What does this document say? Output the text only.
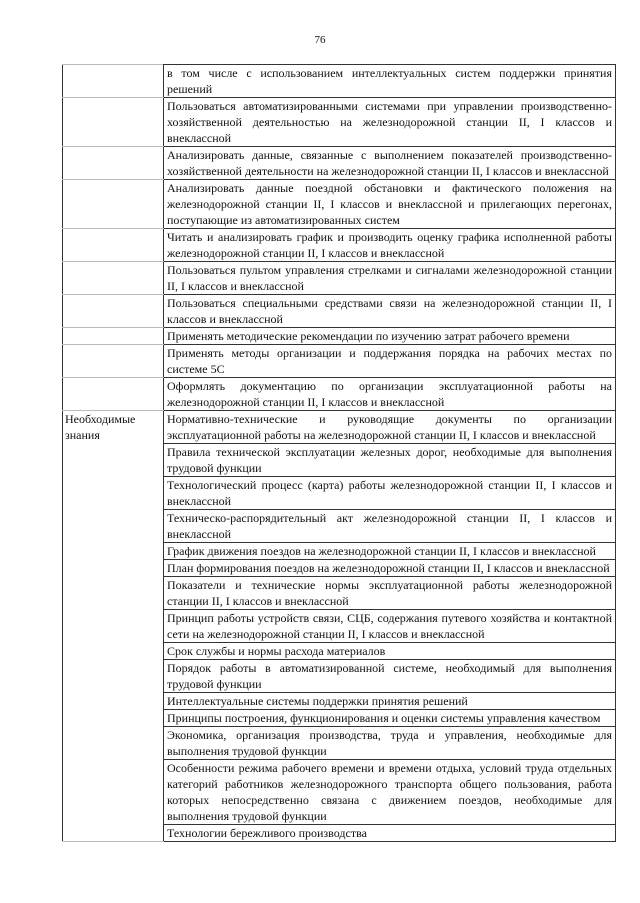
76
	в том числе с использованием интеллектуальных систем поддержки принятия решений
	Пользоваться автоматизированными системами при управлении производственно-хозяйственной деятельностью на железнодорожной станции II, I классов и внеклассной
	Анализировать данные, связанные с выполнением показателей производственно-хозяйственной деятельности на железнодорожной станции II, I классов и внеклассной
	Анализировать данные поездной обстановки и фактического положения на железнодорожной станции II, I классов и внеклассной и прилегающих перегонах, поступающие из автоматизированных систем
	Читать и анализировать график и производить оценку графика исполненной работы железнодорожной станции II, I классов и внеклассной
	Пользоваться пультом управления стрелками и сигналами железнодорожной станции II, I классов и внеклассной
	Пользоваться специальными средствами связи на железнодорожной станции II, I классов и внеклассной
	Применять методические рекомендации по изучению затрат рабочего времени
	Применять методы организации и поддержания порядка на рабочих местах по системе 5С
	Оформлять документацию по организации эксплуатационной работы на железнодорожной станции II, I классов и внеклассной

Необходимые знания	Нормативно-технические и руководящие документы по организации эксплуатационной работы на железнодорожной станции II, I классов и внеклассной
	Правила технической эксплуатации железных дорог, необходимые для выполнения трудовой функции
	Технологический процесс (карта) работы железнодорожной станции II, I классов и внеклассной
	Техническо-распорядительный акт железнодорожной станции II, I классов и внеклассной
	График движения поездов на железнодорожной станции II, I классов и внеклассной
	План формирования поездов на железнодорожной станции II, I классов и внеклассной
	Показатели и технические нормы эксплуатационной работы железнодорожной станции II, I классов и внеклассной
	Принцип работы устройств связи, СЦБ, содержания путевого хозяйства и контактной сети на железнодорожной станции II, I классов и внеклассной
	Срок службы и нормы расхода материалов
	Порядок работы в автоматизированной системе, необходимый для выполнения трудовой функции
	Интеллектуальные системы поддержки принятия решений
	Принципы построения, функционирования и оценки системы управления качеством
	Экономика, организация производства, труда и управления, необходимые для выполнения трудовой функции
	Особенности режима рабочего времени и времени отдыха, условий труда отдельных категорий работников железнодорожного транспорта общего пользования, работа которых непосредственно связана с движением поездов, необходимые для выполнения трудовой функции
	Технологии бережливого производства
